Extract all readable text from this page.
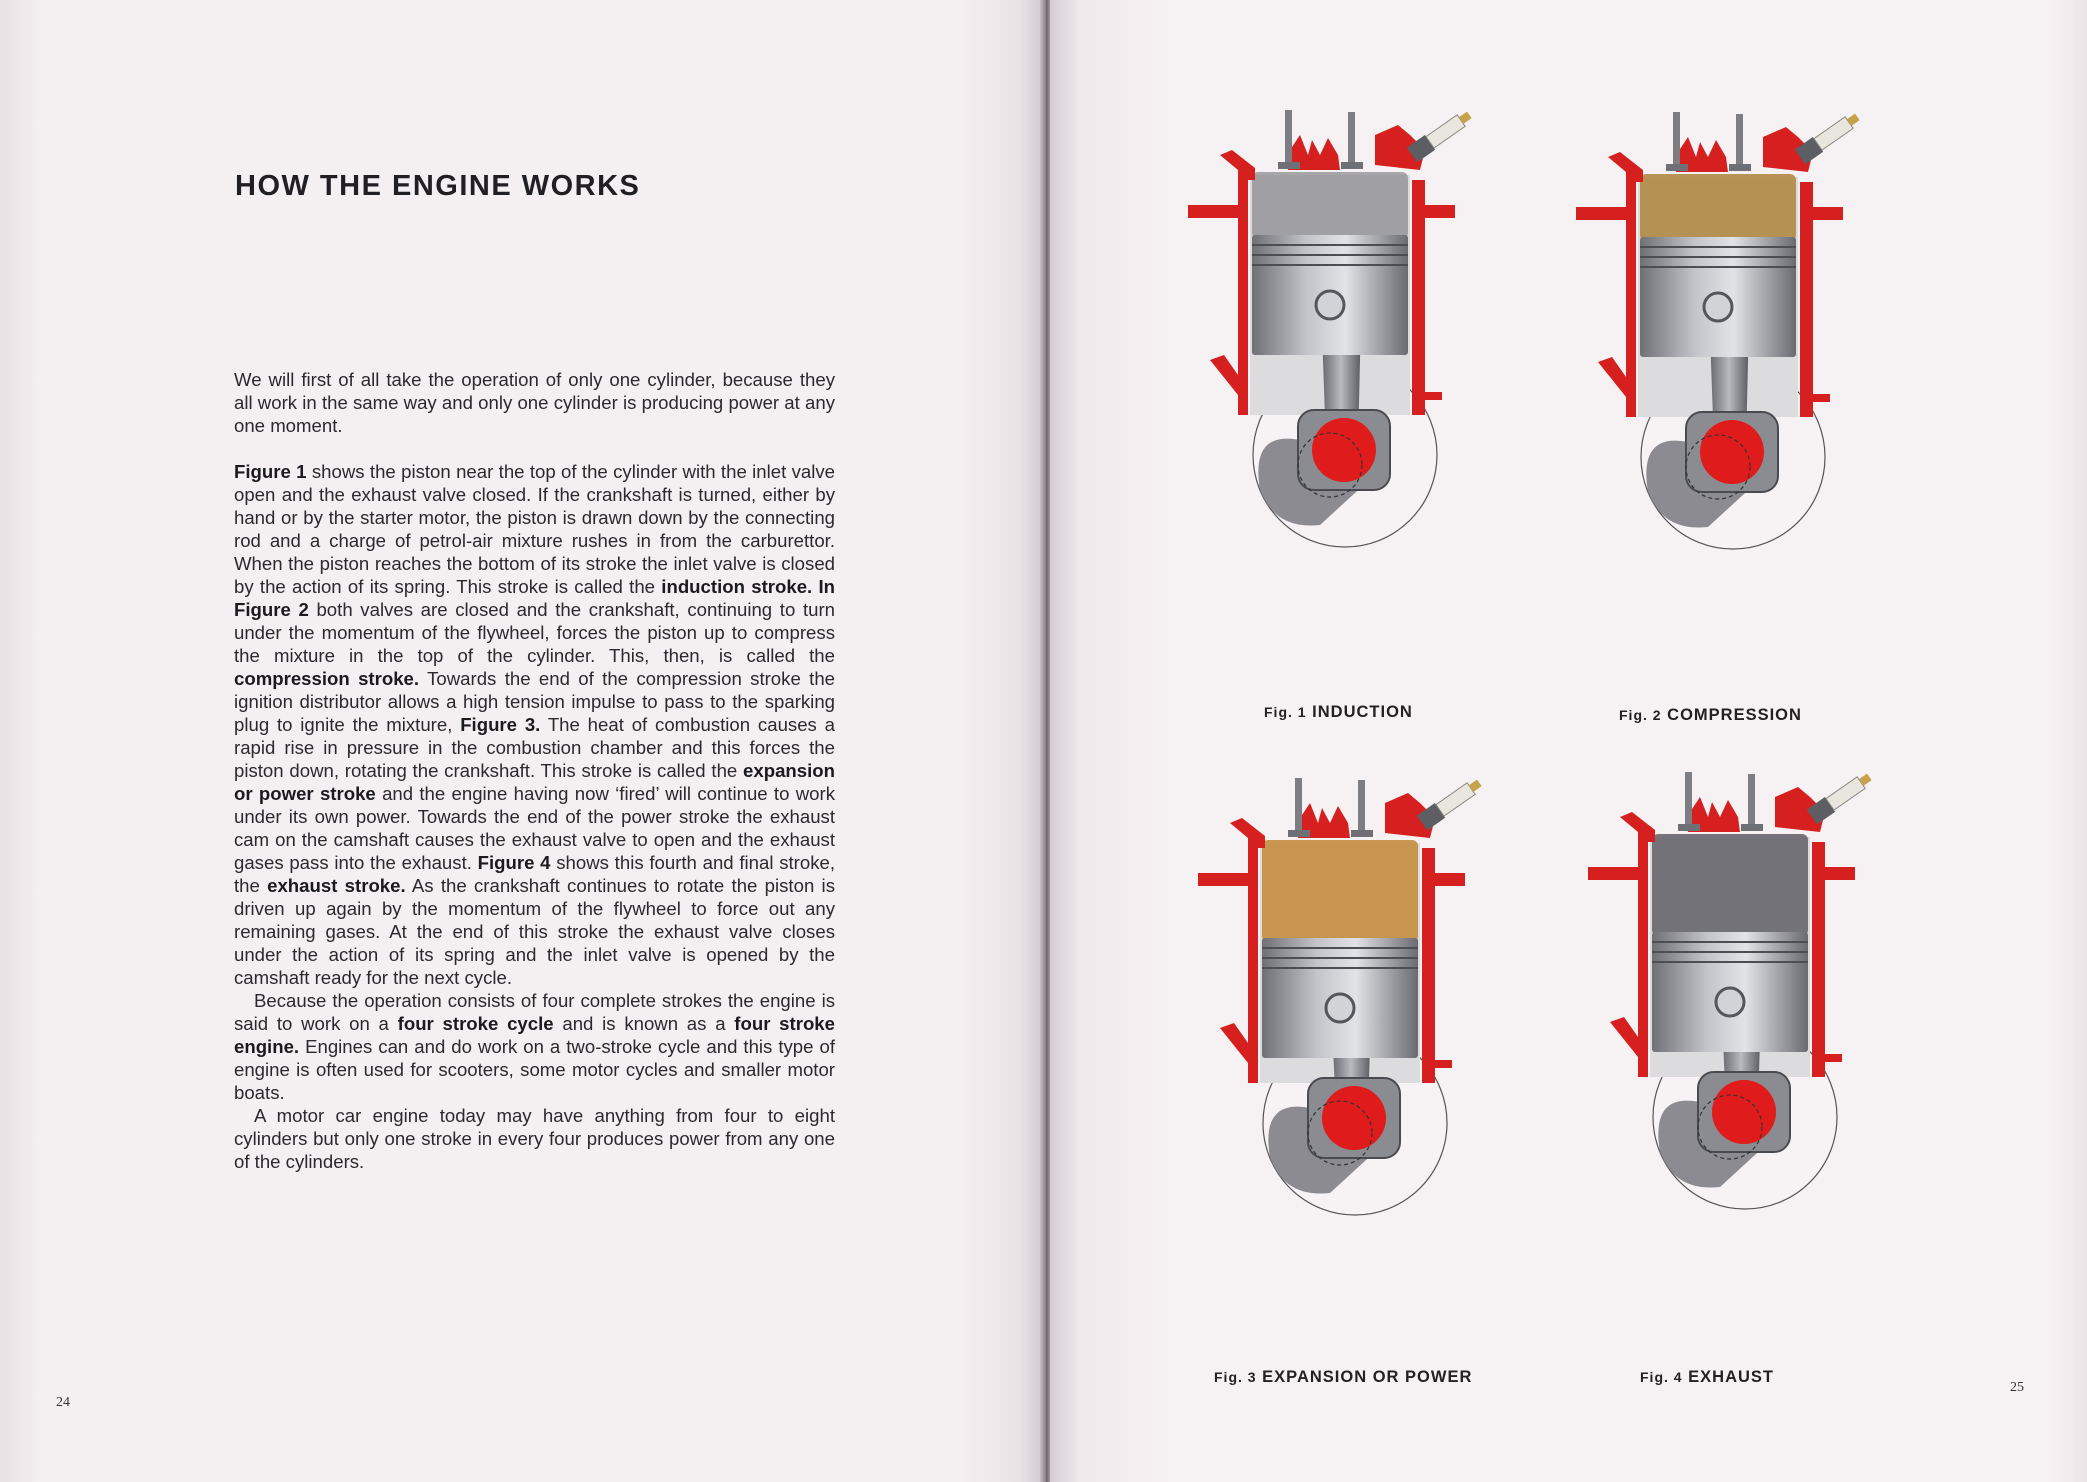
HOW THE ENGINE WORKS

We will first of all take the operation of only one cylinder, because they all work in the same way and only one cylinder is producing power at any one moment.

Figure 1 shows the piston near the top of the cylinder with the inlet valve open and the exhaust valve closed. If the crankshaft is turned, either by hand or by the starter motor, the piston is drawn down by the connecting rod and a charge of petrol-air mixture rushes in from the carburettor. When the piston reaches the bottom of its stroke the inlet valve is closed by the action of its spring. This stroke is called the induction stroke. In Figure 2 both valves are closed and the crankshaft, continuing to turn under the momentum of the flywheel, forces the piston up to compress the mixture in the top of the cylinder. This, then, is called the compression stroke. Towards the end of the compression stroke the ignition distributor allows a high tension impulse to pass to the sparking plug to ignite the mixture, Figure 3. The heat of combustion causes a rapid rise in pressure in the combustion chamber and this forces the piston down, rotating the crankshaft. This stroke is called the expansion or power stroke and the engine having now ‘fired’ will continue to work under its own power. Towards the end of the power stroke the exhaust cam on the camshaft causes the exhaust valve to open and the exhaust gases pass into the exhaust. Figure 4 shows this fourth and final stroke, the exhaust stroke. As the crankshaft continues to rotate the piston is driven up again by the momentum of the flywheel to force out any remaining gases. At the end of this stroke the exhaust valve closes under the action of its spring and the inlet valve is opened by the camshaft ready for the next cycle.

Because the operation consists of four complete strokes the engine is said to work on a four stroke cycle and is known as a four stroke engine. Engines can and do work on a two-stroke cycle and this type of engine is often used for scooters, some motor cycles and smaller motor boats.

A motor car engine today may have anything from four to eight cylinders but only one stroke in every four produces power from any one of the cylinders.

24
25
Fig. 1 INDUCTION	Fig. 2 COMPRESSION
Fig. 3 EXPANSION OR POWER	Fig. 4 EXHAUST
